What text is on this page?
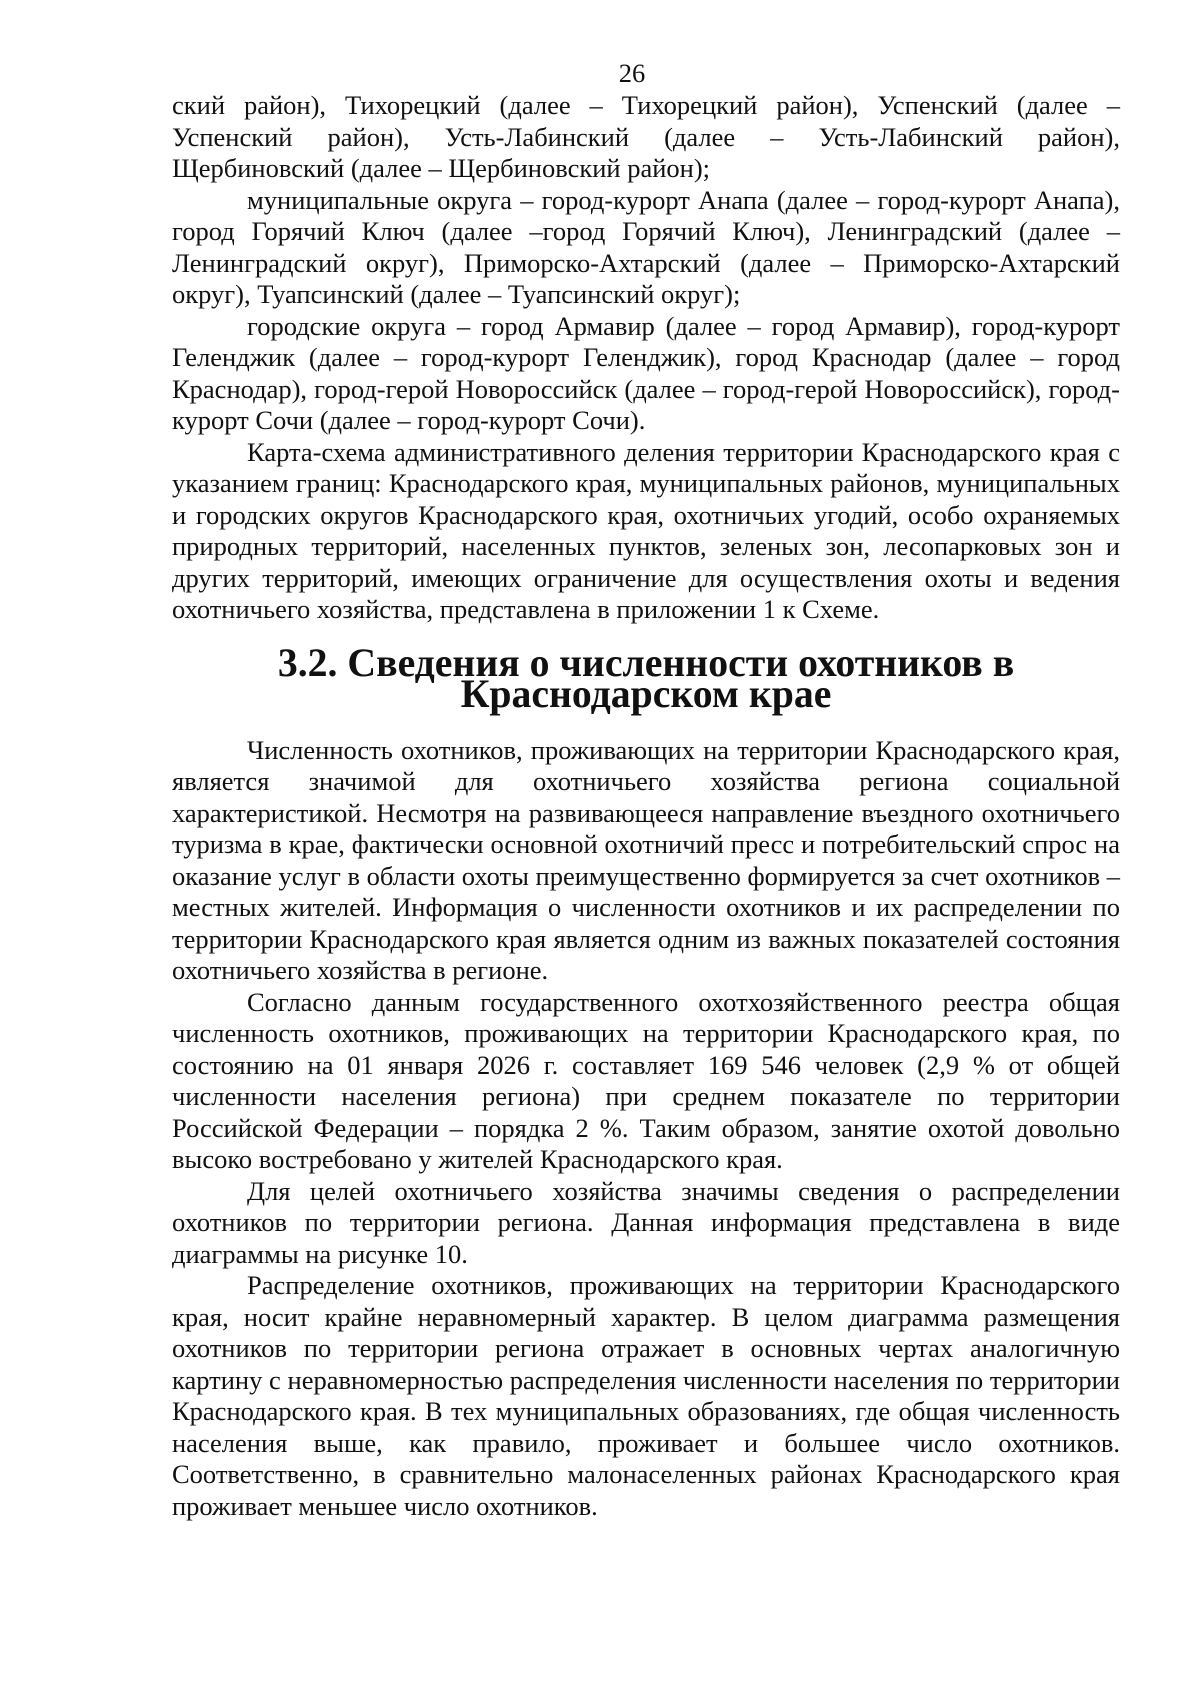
26

ский район), Тихорецкий (далее – Тихорецкий район), Успенский (далее – Успенский район), Усть-Лабинский (далее – Усть-Лабинский район), Щербиновский (далее – Щербиновский район);

муниципальные округа – город-курорт Анапа (далее – город-курорт Анапа), город Горячий Ключ (далее –город Горячий Ключ), Ленинградский (далее – Ленинградский округ), Приморско-Ахтарский (далее – Приморско-Ахтарский округ), Туапсинский (далее – Туапсинский округ);

городские округа – город Армавир (далее – город Армавир), город-курорт Геленджик (далее – город-курорт Геленджик), город Краснодар (далее – город Краснодар), город-герой Новороссийск (далее – город-герой Новороссийск), город-курорт Сочи (далее – город-курорт Сочи).

Карта-схема административного деления территории Краснодарского края с указанием границ: Краснодарского края, муниципальных районов, муниципальных и городских округов Краснодарского края, охотничьих угодий, особо охраняемых природных территорий, населенных пунктов, зеленых зон, лесопарковых зон и других территорий, имеющих ограничение для осуществления охоты и ведения охотничьего хозяйства, представлена в приложении 1 к Схеме.

3.2. Сведения о численности охотников в Краснодарском крае

Численность охотников, проживающих на территории Краснодарского края, является значимой для охотничьего хозяйства региона социальной характеристикой. Несмотря на развивающееся направление въездного охотничьего туризма в крае, фактически основной охотничий пресс и потребительский спрос на оказание услуг в области охоты преимущественно формируется за счет охотников – местных жителей. Информация о численности охотников и их распределении по территории Краснодарского края является одним из важных показателей состояния охотничьего хозяйства в регионе.

Согласно данным государственного охотхозяйственного реестра общая численность охотников, проживающих на территории Краснодарского края, по состоянию на 01 января 2026 г. составляет 169 546 человек (2,9 % от общей численности населения региона) при среднем показателе по территории Российской Федерации – порядка 2 %. Таким образом, занятие охотой довольно высоко востребовано у жителей Краснодарского края.

Для целей охотничьего хозяйства значимы сведения о распределении охотников по территории региона. Данная информация представлена в виде диаграммы на рисунке 10.

Распределение охотников, проживающих на территории Краснодарского края, носит крайне неравномерный характер. В целом диаграмма размещения охотников по территории региона отражает в основных чертах аналогичную картину с неравномерностью распределения численности населения по территории Краснодарского края. В тех муниципальных образованиях, где общая численность населения выше, как правило, проживает и большее число охотников. Соответственно, в сравнительно малонаселенных районах Краснодарского края проживает меньшее число охотников.
